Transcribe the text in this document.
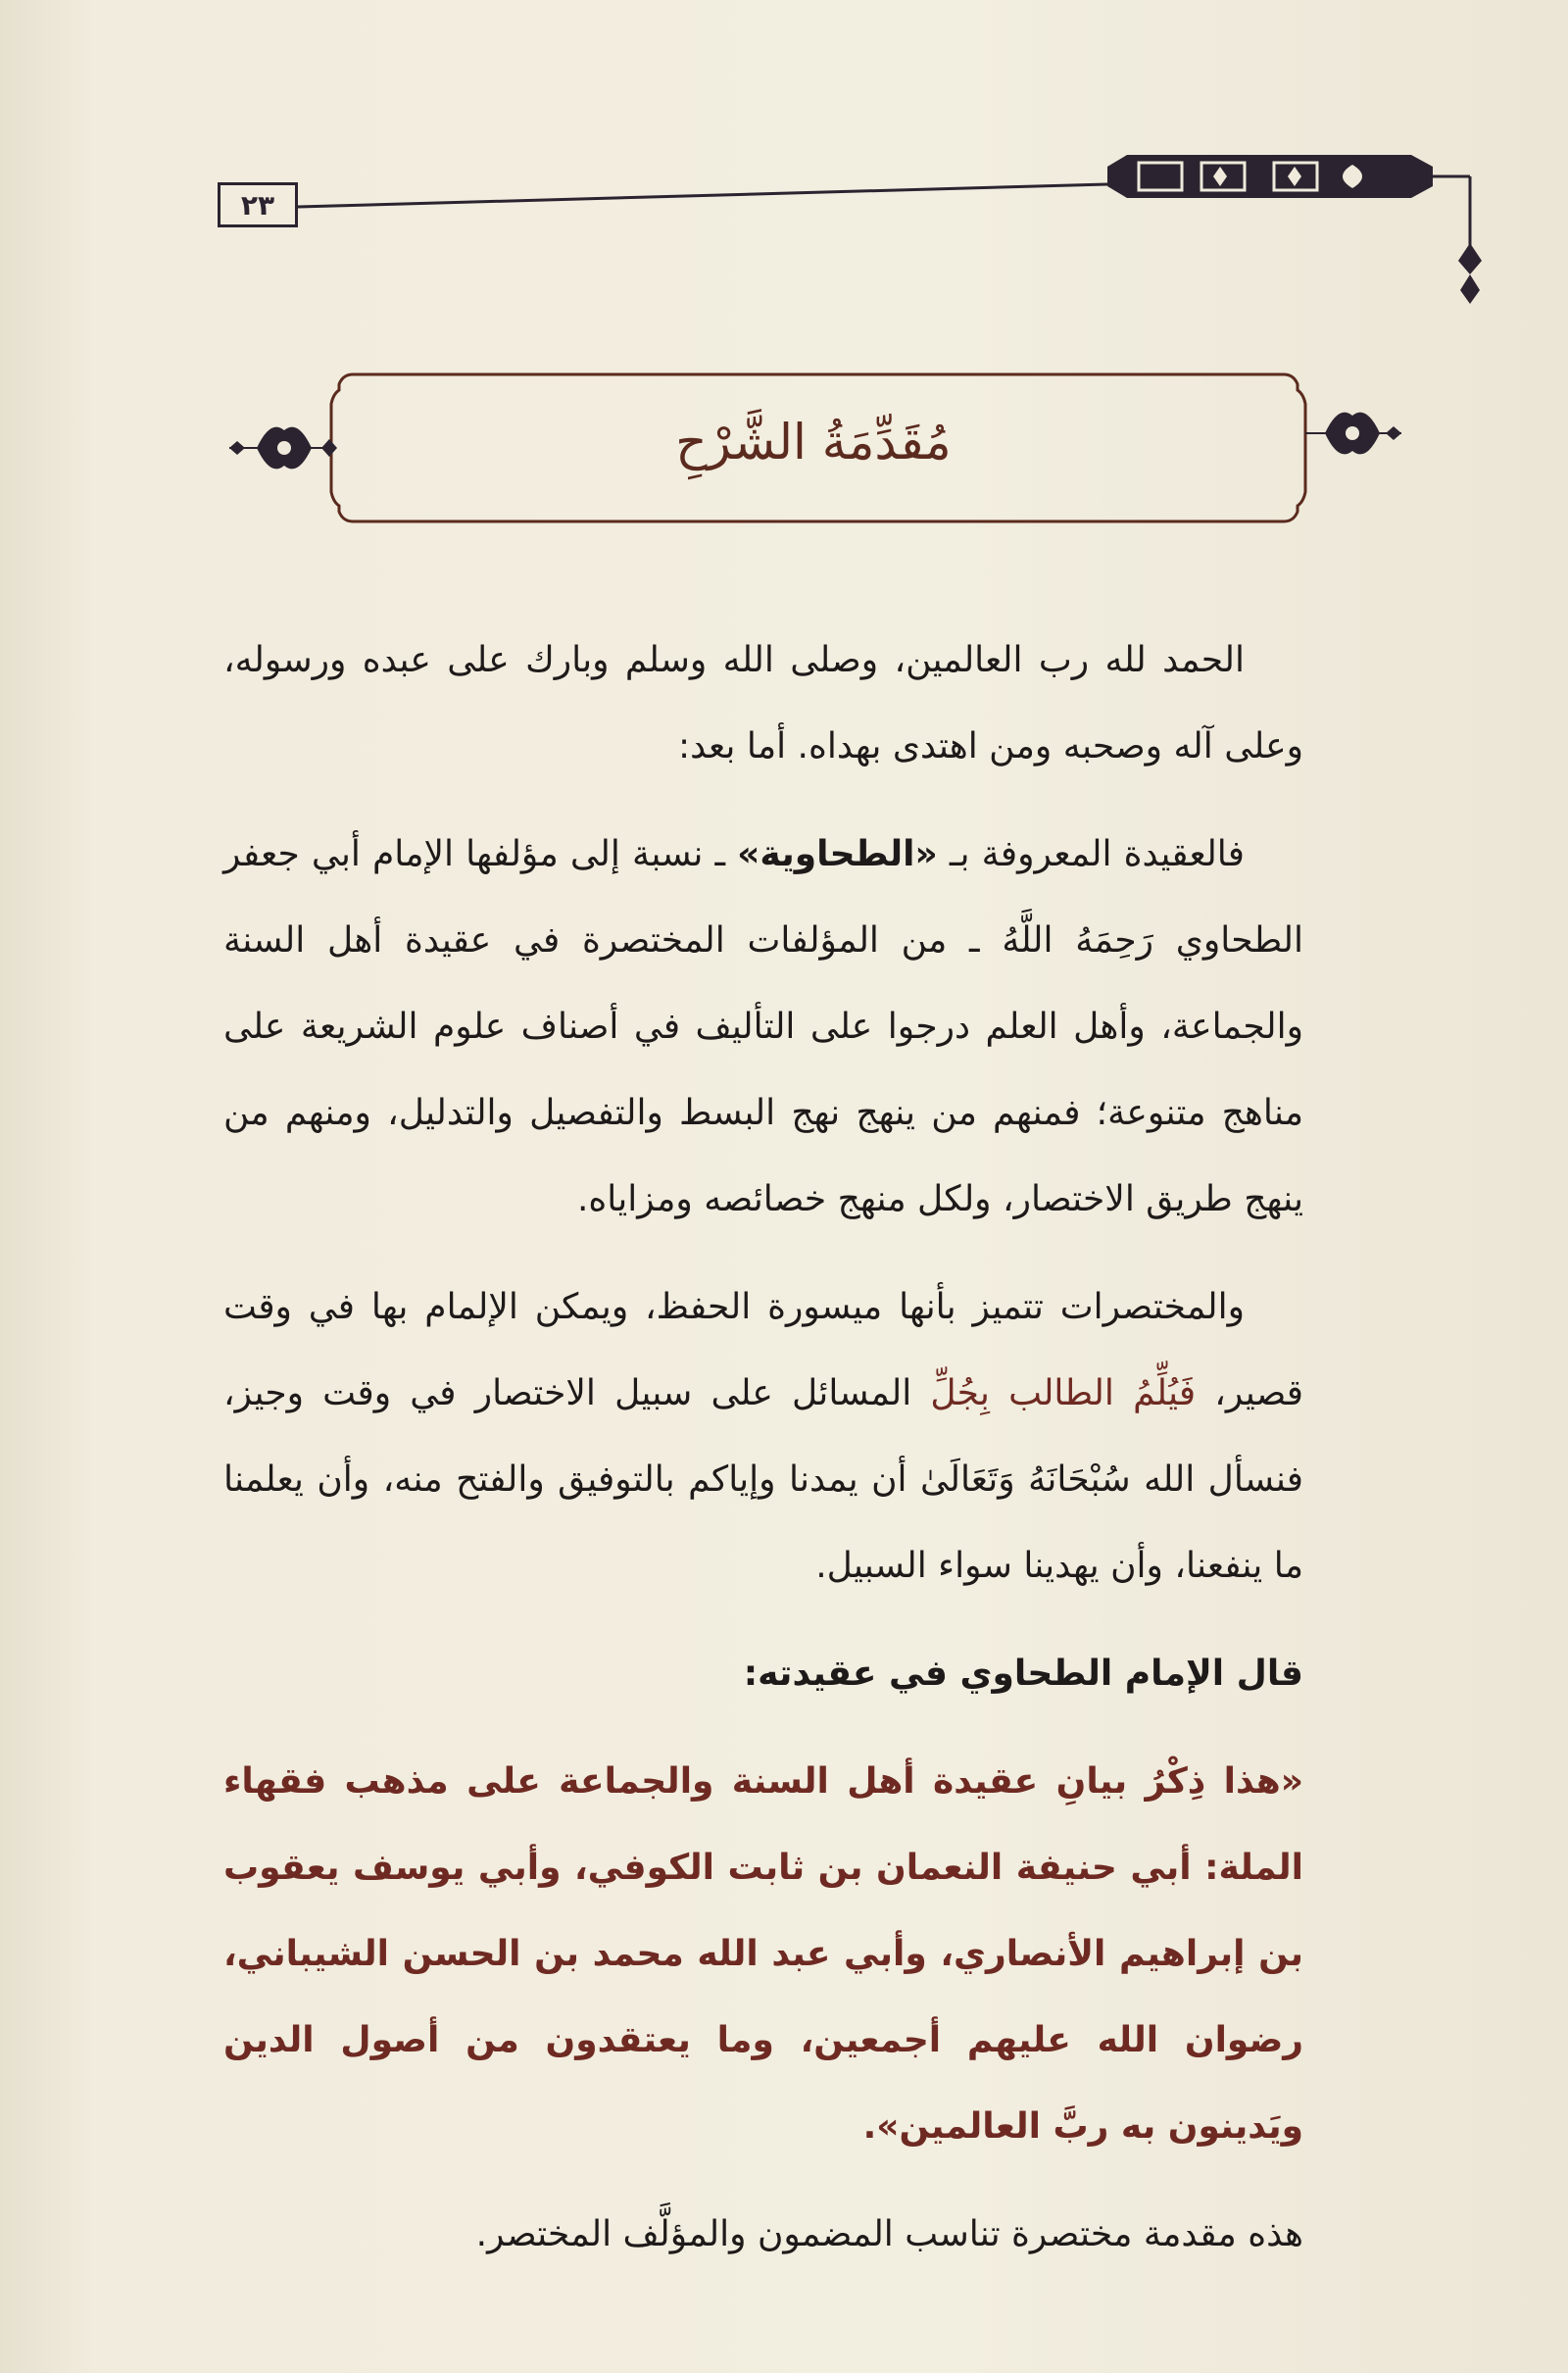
٢٣
مُقَدِّمَةُ الشَّرْحِ

الحمد لله رب العالمين، وصلى الله وسلم وبارك على عبده ورسوله، وعلى آله وصحبه ومن اهتدى بهداه. أما بعد:

فالعقيدة المعروفة بـ «الطحاوية» ـ نسبة إلى مؤلفها الإمام أبي جعفر الطحاوي رَحِمَهُ اللَّهُ ـ من المؤلفات المختصرة في عقيدة أهل السنة والجماعة، وأهل العلم درجوا على التأليف في أصناف علوم الشريعة على مناهج متنوعة؛ فمنهم من ينهج نهج البسط والتفصيل والتدليل، ومنهم من ينهج طريق الاختصار، ولكل منهج خصائصه ومزاياه.

والمختصرات تتميز بأنها ميسورة الحفظ، ويمكن الإلمام بها في وقت قصير، فَيُلِّمُ الطالب بِجُلِّ المسائل على سبيل الاختصار في وقت وجيز، فنسأل الله سُبْحَانَهُ وَتَعَالَىٰ أن يمدنا وإياكم بالتوفيق والفتح منه، وأن يعلمنا ما ينفعنا، وأن يهدينا سواء السبيل.

قال الإمام الطحاوي في عقيدته:

«هذا ذِكْرُ بيانِ عقيدة أهل السنة والجماعة على مذهب فقهاء الملة: أبي حنيفة النعمان بن ثابت الكوفي، وأبي يوسف يعقوب بن إبراهيم الأنصاري، وأبي عبد الله محمد بن الحسن الشيباني، رضوان الله عليهم أجمعين، وما يعتقدون من أصول الدين ويَدينون به ربَّ العالمين».

هذه مقدمة مختصرة تناسب المضمون والمؤلَّف المختصر.
